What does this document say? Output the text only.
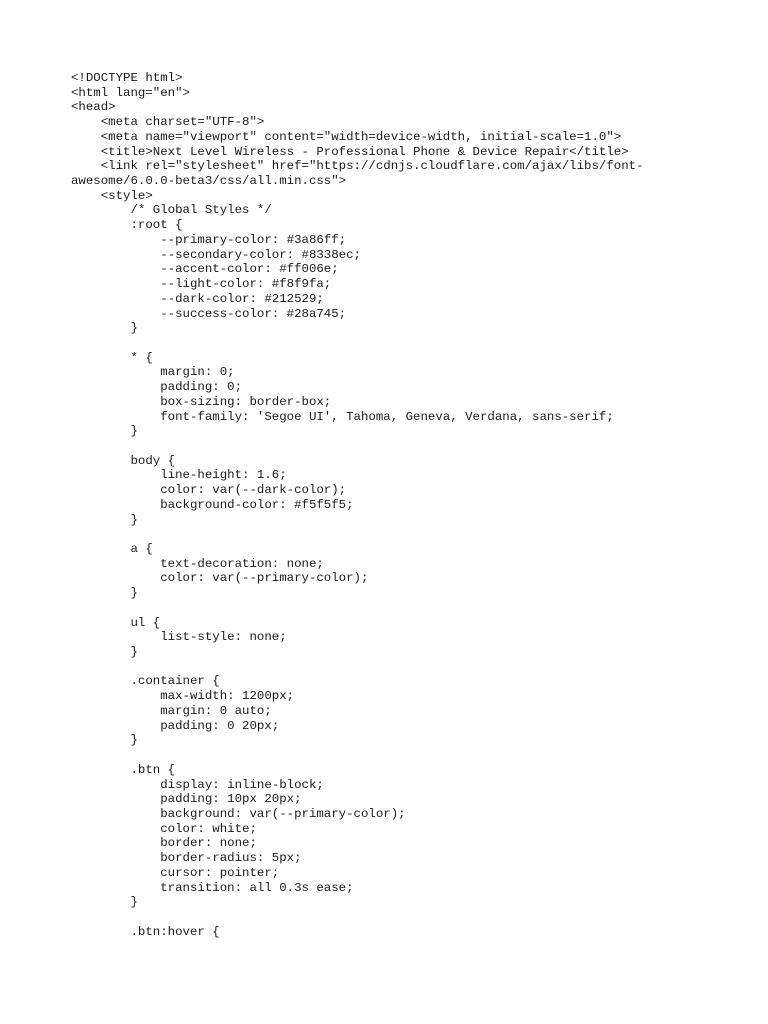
<!DOCTYPE html>
<html lang="en">
<head>
<meta charset="UTF-8">
<meta name="viewport" content="width=device-width, initial-scale=1.0">
<title>Next Level Wireless - Professional Phone & Device Repair</title>
<link rel="stylesheet" href="https://cdnjs.cloudflare.com/ajax/libs/font-
awesome/6.0.0-beta3/css/all.min.css">
<style>
/* Global Styles */
:root {
--primary-color: #3a86ff;
--secondary-color: #8338ec;
--accent-color: #ff006e;
--light-color: #f8f9fa;
--dark-color: #212529;
--success-color: #28a745;
}
* {
margin: 0;
padding: 0;
box-sizing: border-box;
font-family: 'Segoe UI', Tahoma, Geneva, Verdana, sans-serif;
}
body {
line-height: 1.6;
color: var(--dark-color);
background-color: #f5f5f5;
}
a {
text-decoration: none;
color: var(--primary-color);
}
ul {
list-style: none;
}
.container {
max-width: 1200px;
margin: 0 auto;
padding: 0 20px;
}
.btn {
display: inline-block;
padding: 10px 20px;
background: var(--primary-color);
color: white;
border: none;
border-radius: 5px;
cursor: pointer;
transition: all 0.3s ease;
}
.btn:hover {
